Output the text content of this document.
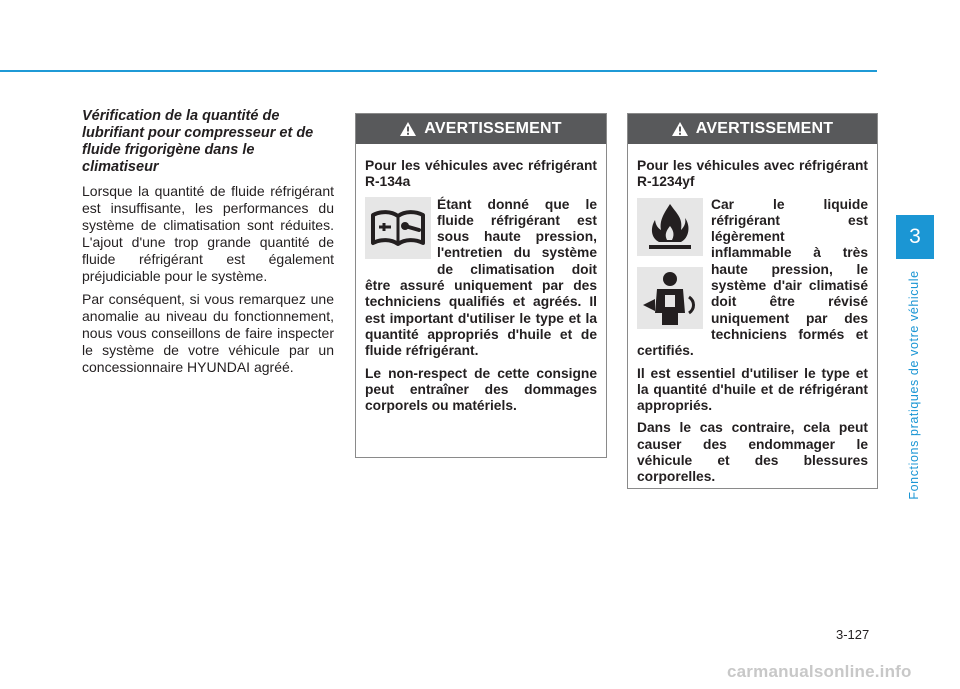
Vérification de la quantité de lubrifiant pour compresseur et de fluide frigorigène dans le climatiseur

Lorsque la quantité de fluide réfrigérant est insuffisante, les performances du système de climatisation sont réduites. L'ajout d'une trop grande quantité de fluide réfrigérant est également préjudiciable pour le système.

Par conséquent, si vous remarquez une anomalie au niveau du fonctionnement, nous vous conseillons de faire inspecter le système de votre véhicule par un concessionnaire HYUNDAI agréé.

AVERTISSEMENT

Pour les véhicules avec réfrigérant R-134a

Étant donné que le fluide réfrigérant est sous haute pression, l'entretien du système de climatisation doit être assuré uniquement par des techniciens qualifiés et agréés. Il est important d'utiliser le type et la quantité appropriés d'huile et de fluide réfrigérant.

Le non-respect de cette consigne peut entraîner des dommages corporels ou matériels.

AVERTISSEMENT

Pour les véhicules avec réfrigérant R-1234yf

Car le liquide réfrigérant est légèrement inflammable à très haute pression, le système d'air climatisé doit être révisé uniquement par des techniciens formés et certifiés.

Il est essentiel d'utiliser le type et la quantité d'huile et de réfrigérant appropriés.

Dans le cas contraire, cela peut causer des endommager le véhicule et des blessures corporelles.

3
Fonctions pratiques de votre véhicule
3-127
carmanualsonline.info
